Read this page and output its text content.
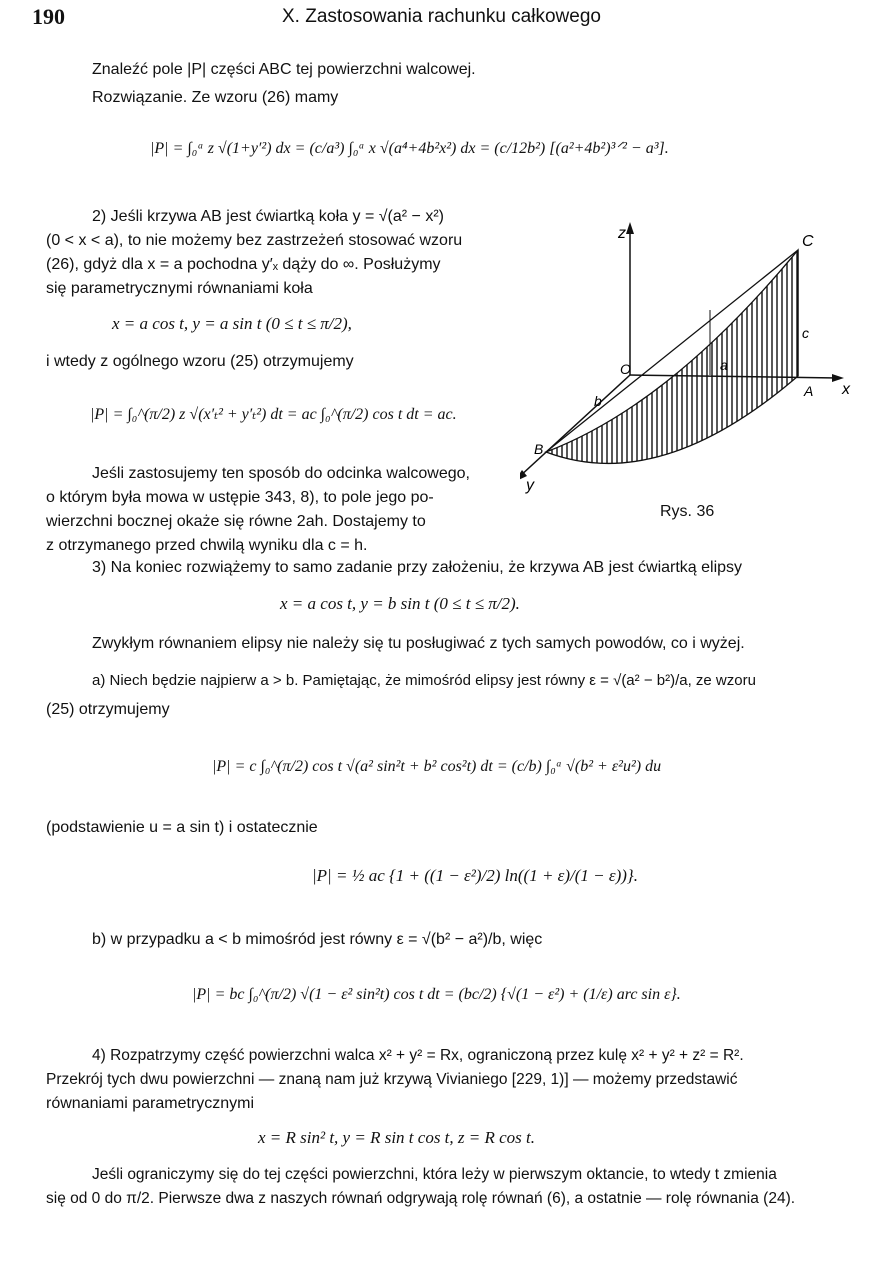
190	X. Zastosowania rachunku całkowego
Znaleźć pole |P| części ABC tej powierzchni walcowej.
Rozwiązanie. Ze wzoru (26) mamy
|P| = ∫₀ᵃ z √(1+y′²) dx = (c/a³) ∫₀ᵃ x √(a⁴+4b²x²) dx = (c/12b²) [(a²+4b²)³ᐟ² − a³].
2) Jeśli krzywa AB jest ćwiartką koła y = √(a² − x²)
(0 < x < a), to nie możemy bez zastrzeżeń stosować wzoru
(26), gdyż dla x = a pochodna y′ₓ dąży do ∞. Posłużymy
się parametrycznymi równaniami koła
x = a cos t, y = a sin t (0 ≤ t ≤ π/2),
i wtedy z ogólnego wzoru (25) otrzymujemy
|P| = ∫₀^(π/2) z √(x′ₜ² + y′ₜ²) dt = ac ∫₀^(π/2) cos t dt = ac.
Jeśli zastosujemy ten sposób do odcinka walcowego,
o którym była mowa w ustępie 343, 8), to pole jego po-
wierzchni bocznej okaże się równe 2ah. Dostajemy to
z otrzymanego przed chwilą wyniku dla c = h.
z
x
y
O
A
B
C
c
a
b
Rys. 36
3) Na koniec rozwiążemy to samo zadanie przy założeniu, że krzywa AB jest ćwiartką elipsy
x = a cos t, y = b sin t (0 ≤ t ≤ π/2).
Zwykłym równaniem elipsy nie należy się tu posługiwać z tych samych powodów, co i wyżej.
a) Niech będzie najpierw a > b. Pamiętając, że mimośród elipsy jest równy ε = √(a² − b²)/a, ze wzoru
(25) otrzymujemy
|P| = c ∫₀^(π/2) cos t √(a² sin²t + b² cos²t) dt = (c/b) ∫₀ᵃ √(b² + ε²u²) du
(podstawienie u = a sin t) i ostatecznie
|P| = ½ ac {1 + ((1 − ε²)/2) ln((1 + ε)/(1 − ε))}.
b) w przypadku a < b mimośród jest równy ε = √(b² − a²)/b, więc
|P| = bc ∫₀^(π/2) √(1 − ε² sin²t) cos t dt = (bc/2) {√(1 − ε²) + (1/ε) arc sin ε}.
4) Rozpatrzymy część powierzchni walca x² + y² = Rx, ograniczoną przez kulę x² + y² + z² = R².
Przekrój tych dwu powierzchni — znaną nam już krzywą Vivianiego [229, 1)] — możemy przedstawić
równaniami parametrycznymi
x = R sin² t, y = R sin t cos t, z = R cos t.
Jeśli ograniczymy się do tej części powierzchni, która leży w pierwszym oktancie, to wtedy t zmienia
się od 0 do π/2. Pierwsze dwa z naszych równań odgrywają rolę równań (6), a ostatnie — rolę równania (24).
